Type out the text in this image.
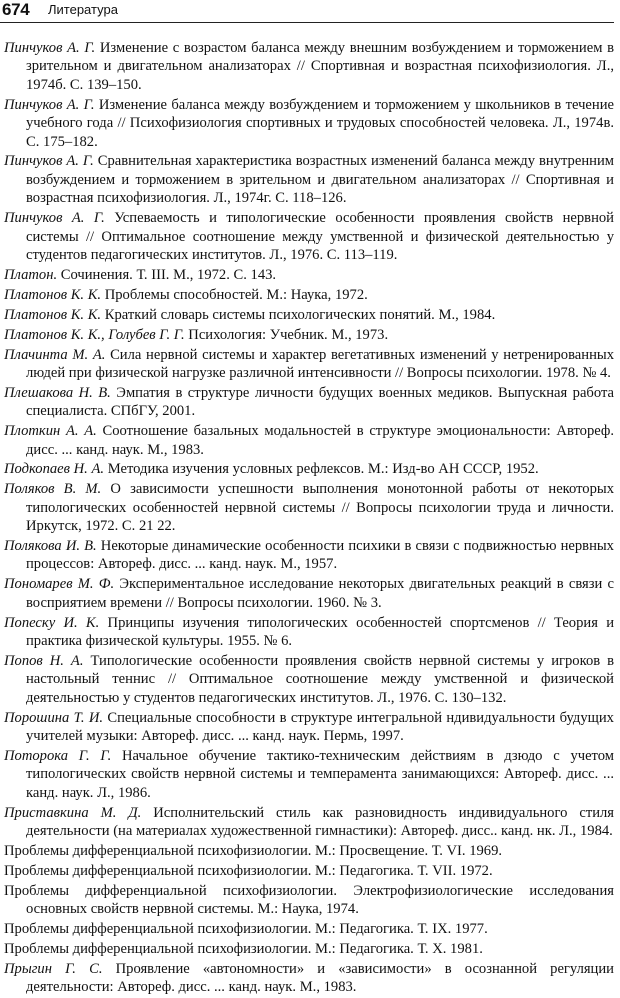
674 Литература

Пинчуков А. Г. Изменение с возрастом баланса между внешним возбуждением и торможением в зрительном и двигательном анализаторах // Спортивная и возрастная психофизиология. Л., 1974б. С. 139–150.

Пинчуков А. Г. Изменение баланса между возбуждением и торможением у школьников в течение учебного года // Психофизиология спортивных и трудовых способностей человека. Л., 1974в. С. 175–182.

Пинчуков А. Г. Сравнительная характеристика возрастных изменений баланса между внутренним возбуждением и торможением в зрительном и двигательном анализаторах // Спортивная и возрастная психофизиология. Л., 1974г. С. 118–126.

Пинчуков А. Г. Успеваемость и типологические особенности проявления свойств нервной системы // Оптимальное соотношение между умственной и физической деятельностью у студентов педагогических институтов. Л., 1976. С. 113–119.

Платон. Сочинения. Т. III. М., 1972. С. 143.

Платонов К. К. Проблемы способностей. М.: Наука, 1972.

Платонов К. К. Краткий словарь системы психологических понятий. М., 1984.

Платонов К. К., Голубев Г. Г. Психология: Учебник. М., 1973.

Плачинта М. А. Сила нервной системы и характер вегетативных изменений у нетренированных людей при физической нагрузке различной интенсивности // Вопросы психологии. 1978. № 4.

Плешакова Н. В. Эмпатия в структуре личности будущих военных медиков. Выпускная работа специалиста. СПбГУ, 2001.

Плоткин А. А. Соотношение базальных модальностей в структуре эмоциональности: Автореф. дисс. ... канд. наук. М., 1983.

Подкопаев Н. А. Методика изучения условных рефлексов. М.: Изд-во АН СССР, 1952.

Поляков В. М. О зависимости успешности выполнения монотонной работы от некоторых типологических особенностей нервной системы // Вопросы психологии труда и личности. Иркутск, 1972. С. 21 22.

Полякова И. В. Некоторые динамические особенности психики в связи с подвижностью нервных процессов: Автореф. дисс. ... канд. наук. М., 1957.

Пономарев М. Ф. Экспериментальное исследование некоторых двигательных реакций в связи с восприятием времени // Вопросы психологии. 1960. № 3.

Попеску И. К. Принципы изучения типологических особенностей спортсменов // Теория и практика физической культуры. 1955. № 6.

Попов Н. А. Типологические особенности проявления свойств нервной системы у игроков в настольный теннис // Оптимальное соотношение между умственной и физической деятельностью у студентов педагогических институтов. Л., 1976. С. 130–132.

Порошина Т. И. Специальные способности в структуре интегральной ндивидуальности будущих учителей музыки: Автореф. дисс. ... канд. наук. Пермь, 1997.

Поторока Г. Г. Начальное обучение тактико-техническим действиям в дзюдо с учетом типологических свойств нервной системы и темперамента занимающихся: Автореф. дисс. ... канд. наук. Л., 1986.

Приставкина М. Д. Исполнительский стиль как разновидность индивидуального стиля деятельности (на материалах художественной гимнастики): Автореф. дисс.. канд. нк. Л., 1984.

Проблемы дифференциальной психофизиологии. М.: Просвещение. Т. VI. 1969.

Проблемы дифференциальной психофизиологии. М.: Педагогика. Т. VII. 1972.

Проблемы дифференциальной психофизиологии. Электрофизиологические исследования основных свойств нервной системы. М.: Наука, 1974.

Проблемы дифференциальной психофизиологии. М.: Педагогика. Т. IX. 1977.

Проблемы дифференциальной психофизиологии. М.: Педагогика. Т. X. 1981.

Прыгин Г. С. Проявление «автономности» и «зависимости» в осознанной регуляции деятельности: Автореф. дисс. ... канд. наук. М., 1983.
